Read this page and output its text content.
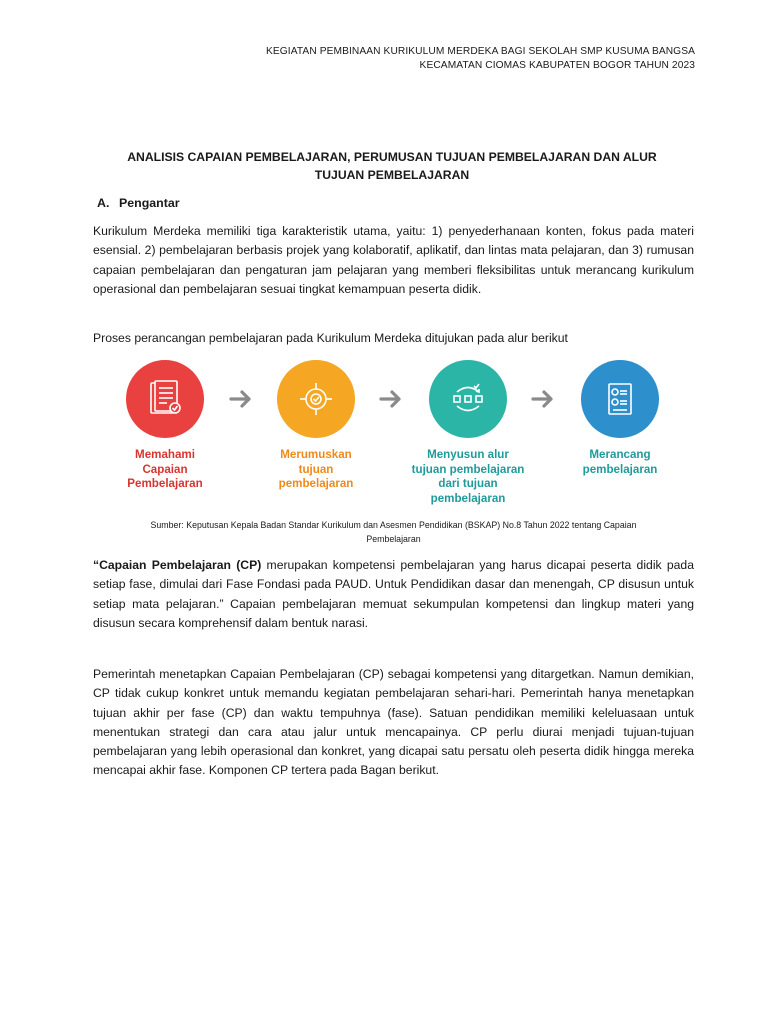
KEGIATAN PEMBINAAN KURIKULUM MERDEKA BAGI SEKOLAH SMP KUSUMA BANGSA
KECAMATAN CIOMAS KABUPATEN BOGOR TAHUN 2023
ANALISIS CAPAIAN PEMBELAJARAN, PERUMUSAN TUJUAN PEMBELAJARAN DAN ALUR
TUJUAN PEMBELAJARAN
A. Pengantar
Kurikulum Merdeka memiliki tiga karakteristik utama, yaitu: 1) penyederhanaan konten, fokus pada materi esensial. 2) pembelajaran berbasis projek yang kolaboratif, aplikatif, dan lintas mata pelajaran, dan 3) rumusan capaian pembelajaran dan pengaturan jam pelajaran yang memberi fleksibilitas untuk merancang kurikulum operasional dan pembelajaran sesuai tingkat kemampuan peserta didik.
Proses perancangan pembelajaran pada Kurikulum Merdeka ditujukan pada alur berikut
Memahami
Capaian
Pembelajaran
Merumuskan
tujuan
pembelajaran
Menyusun alur
tujuan pembelajaran
dari tujuan
pembelajaran
Merancang
pembelajaran
Sumber: Keputusan Kepala Badan Standar Kurikulum dan Asesmen Pendidikan (BSKAP) No.8 Tahun 2022 tentang Capaian
Pembelajaran
“Capaian Pembelajaran (CP) merupakan kompetensi pembelajaran yang harus dicapai peserta didik pada setiap fase, dimulai dari Fase Fondasi pada PAUD. Untuk Pendidikan dasar dan menengah, CP disusun untuk setiap mata pelajaran.” Capaian pembelajaran memuat sekumpulan kompetensi dan lingkup materi yang disusun secara komprehensif dalam bentuk narasi.
Pemerintah menetapkan Capaian Pembelajaran (CP) sebagai kompetensi yang ditargetkan. Namun demikian, CP tidak cukup konkret untuk memandu kegiatan pembelajaran sehari-hari. Pemerintah hanya menetapkan tujuan akhir per fase (CP) dan waktu tempuhnya (fase). Satuan pendidikan memiliki keleluasaan untuk menentukan strategi dan cara atau jalur untuk mencapainya. CP perlu diurai menjadi tujuan-tujuan pembelajaran yang lebih operasional dan konkret, yang dicapai satu persatu oleh peserta didik hingga mereka mencapai akhir fase. Komponen CP tertera pada Bagan berikut.
